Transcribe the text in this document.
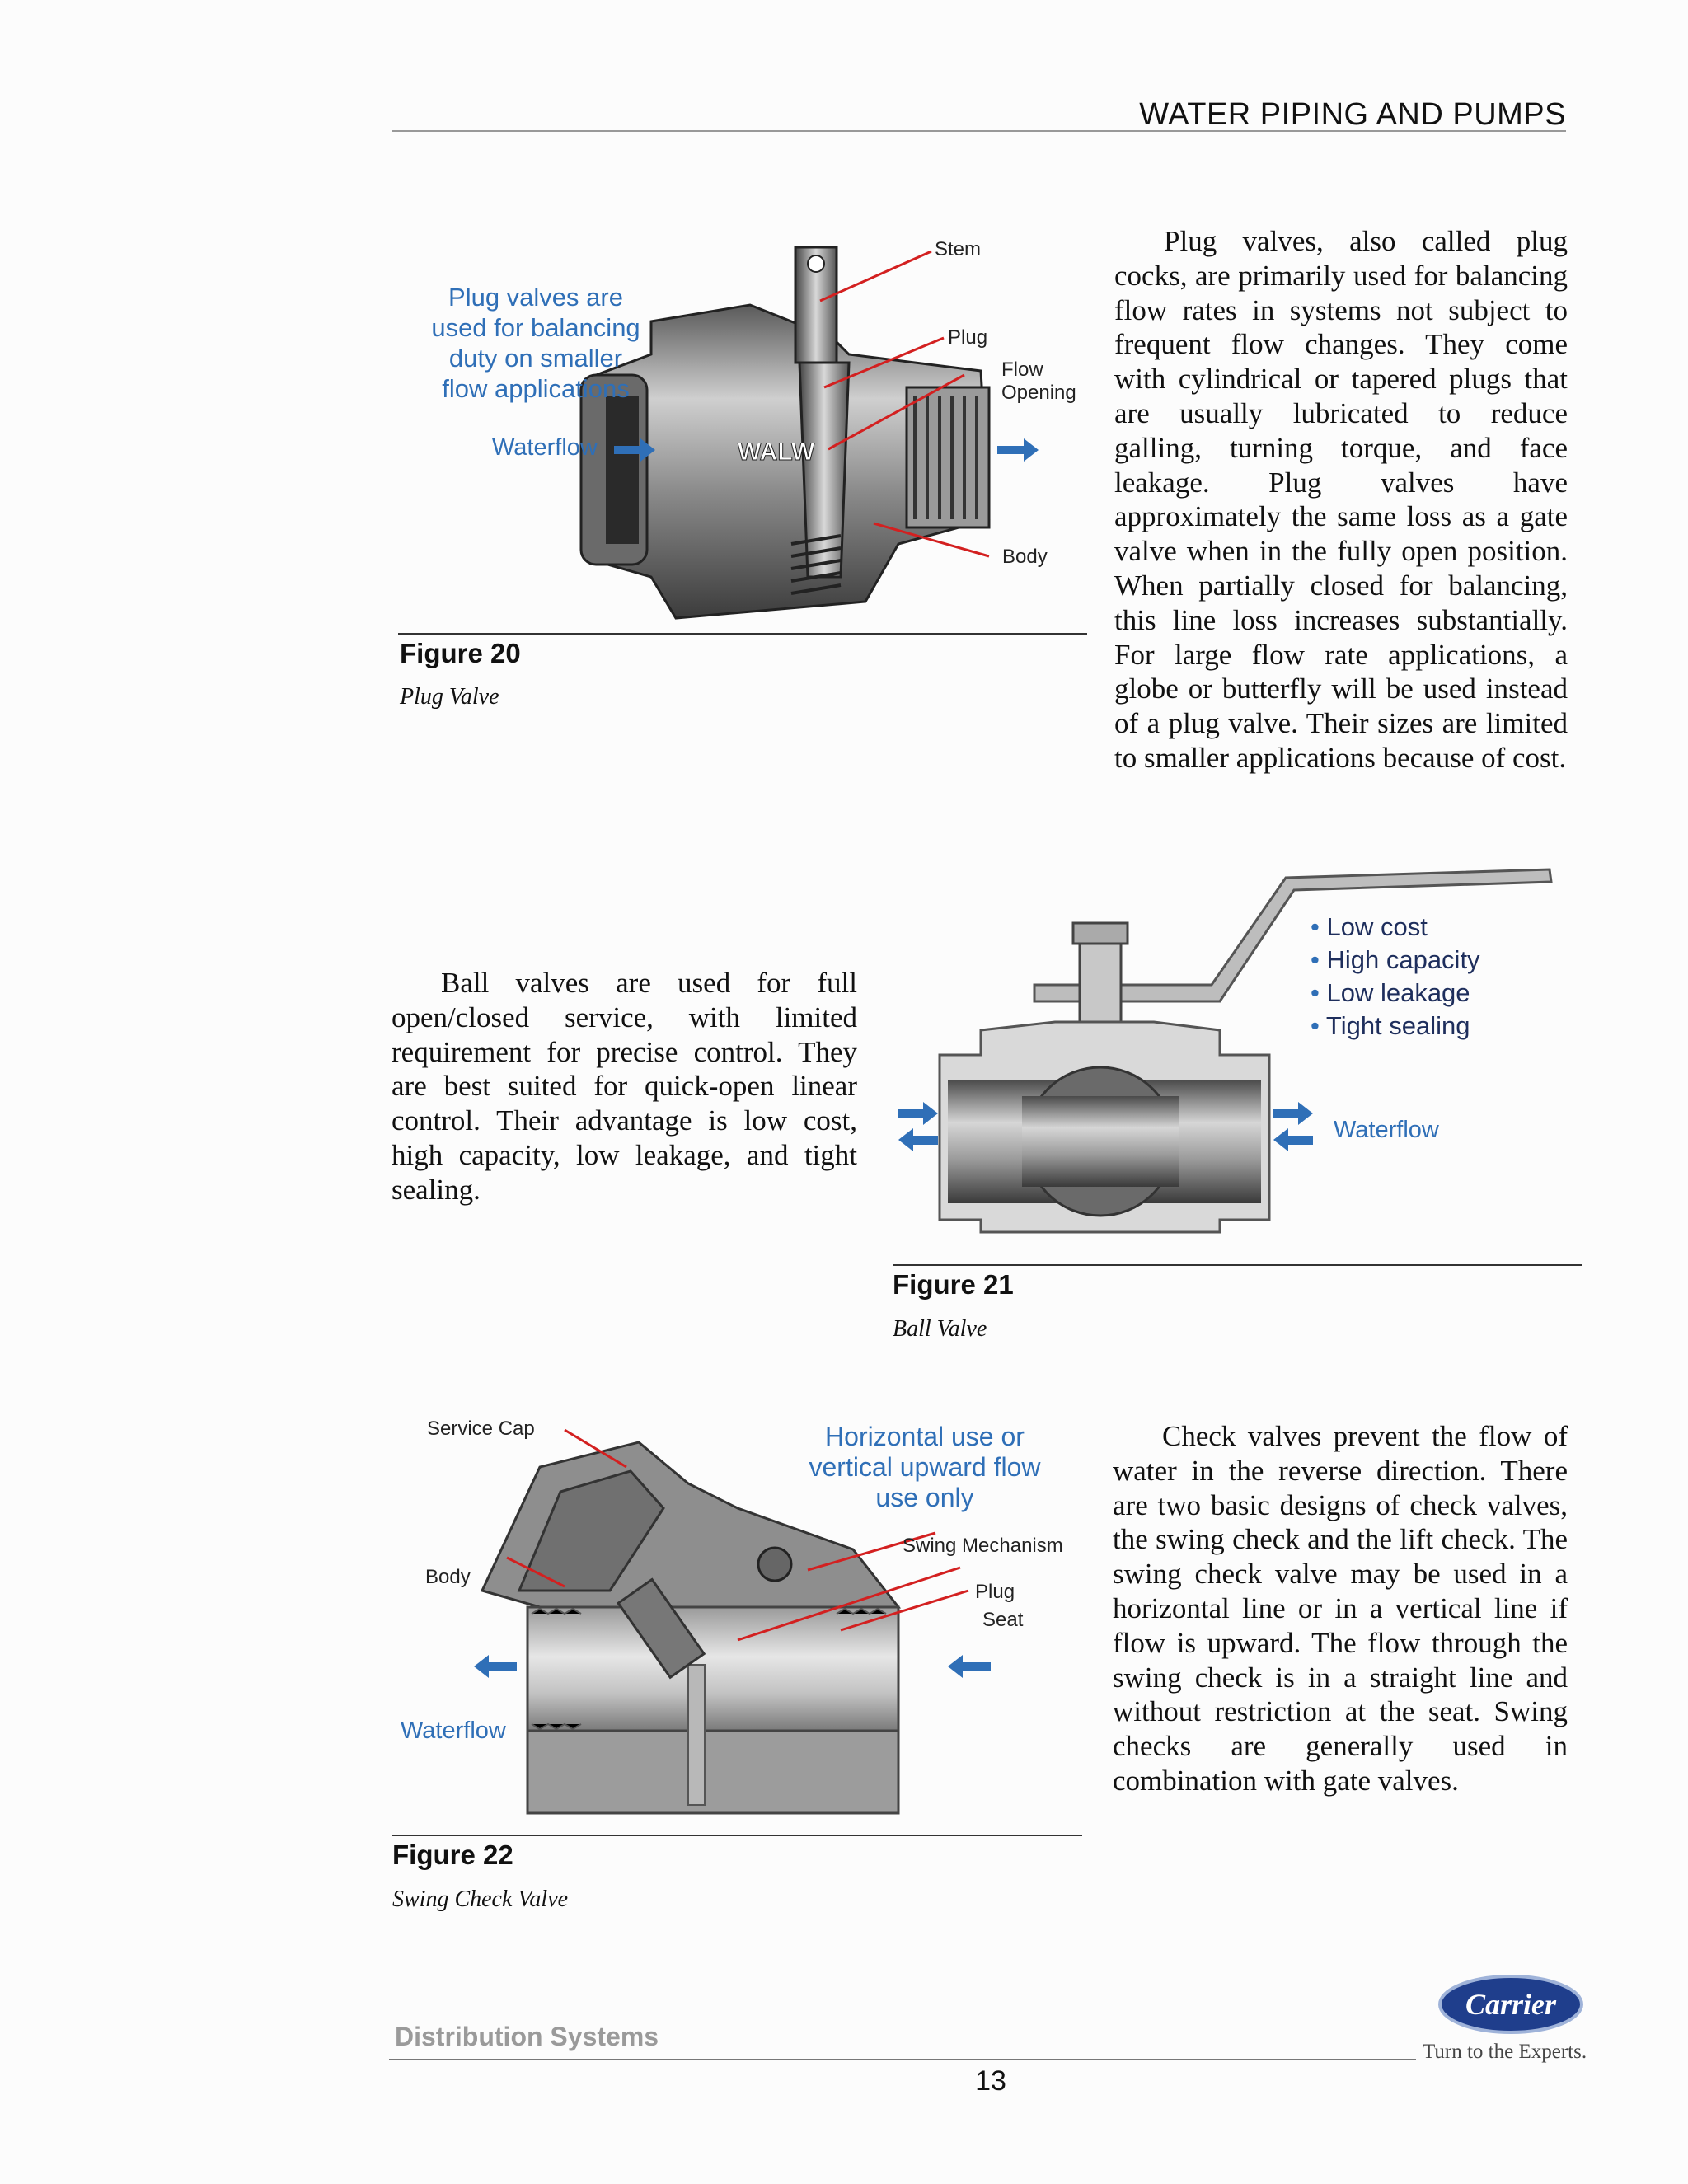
WATER PIPING AND PUMPS
WALW
Plug valves are
used for balancing
duty on smaller
flow applications
Waterflow
Stem
Plug
Flow
Opening
Body
Figure 20
Plug Valve

Plug valves, also called plug cocks, are primarily used for balancing flow rates in systems not subject to frequent flow changes. They come with cylindrical or tapered plugs that are usually lubricated to reduce galling, turning torque, and face leakage. Plug valves have approximately the same loss as a gate valve when in the fully open position. When partially closed for balancing, this line loss increases substantially. For large flow rate applications, a globe or butterfly will be used instead of a plug valve. Their sizes are limited to smaller applications because of cost.

Ball valves are used for full open/closed service, with limited requirement for precise control. They are best suited for quick-open linear control. Their advantage is low cost, high capacity, low leakage, and tight sealing.

• Low cost
• High capacity
• Low leakage
• Tight sealing
Waterflow
Figure 21
Ball Valve
Service Cap
Body
Horizontal use or
vertical upward flow
use only
Swing Mechanism
Plug
Seat
Waterflow
Figure 22
Swing Check Valve

Check valves prevent the flow of water in the reverse direction. There are two basic designs of check valves, the swing check and the lift check. The swing check valve may be used in a horizontal line or in a vertical line if flow is upward. The flow through the swing check is in a straight line and without restriction at the seat. Swing checks are generally used in combination with gate valves.

Distribution Systems
Carrier
Turn to the Experts.
13
